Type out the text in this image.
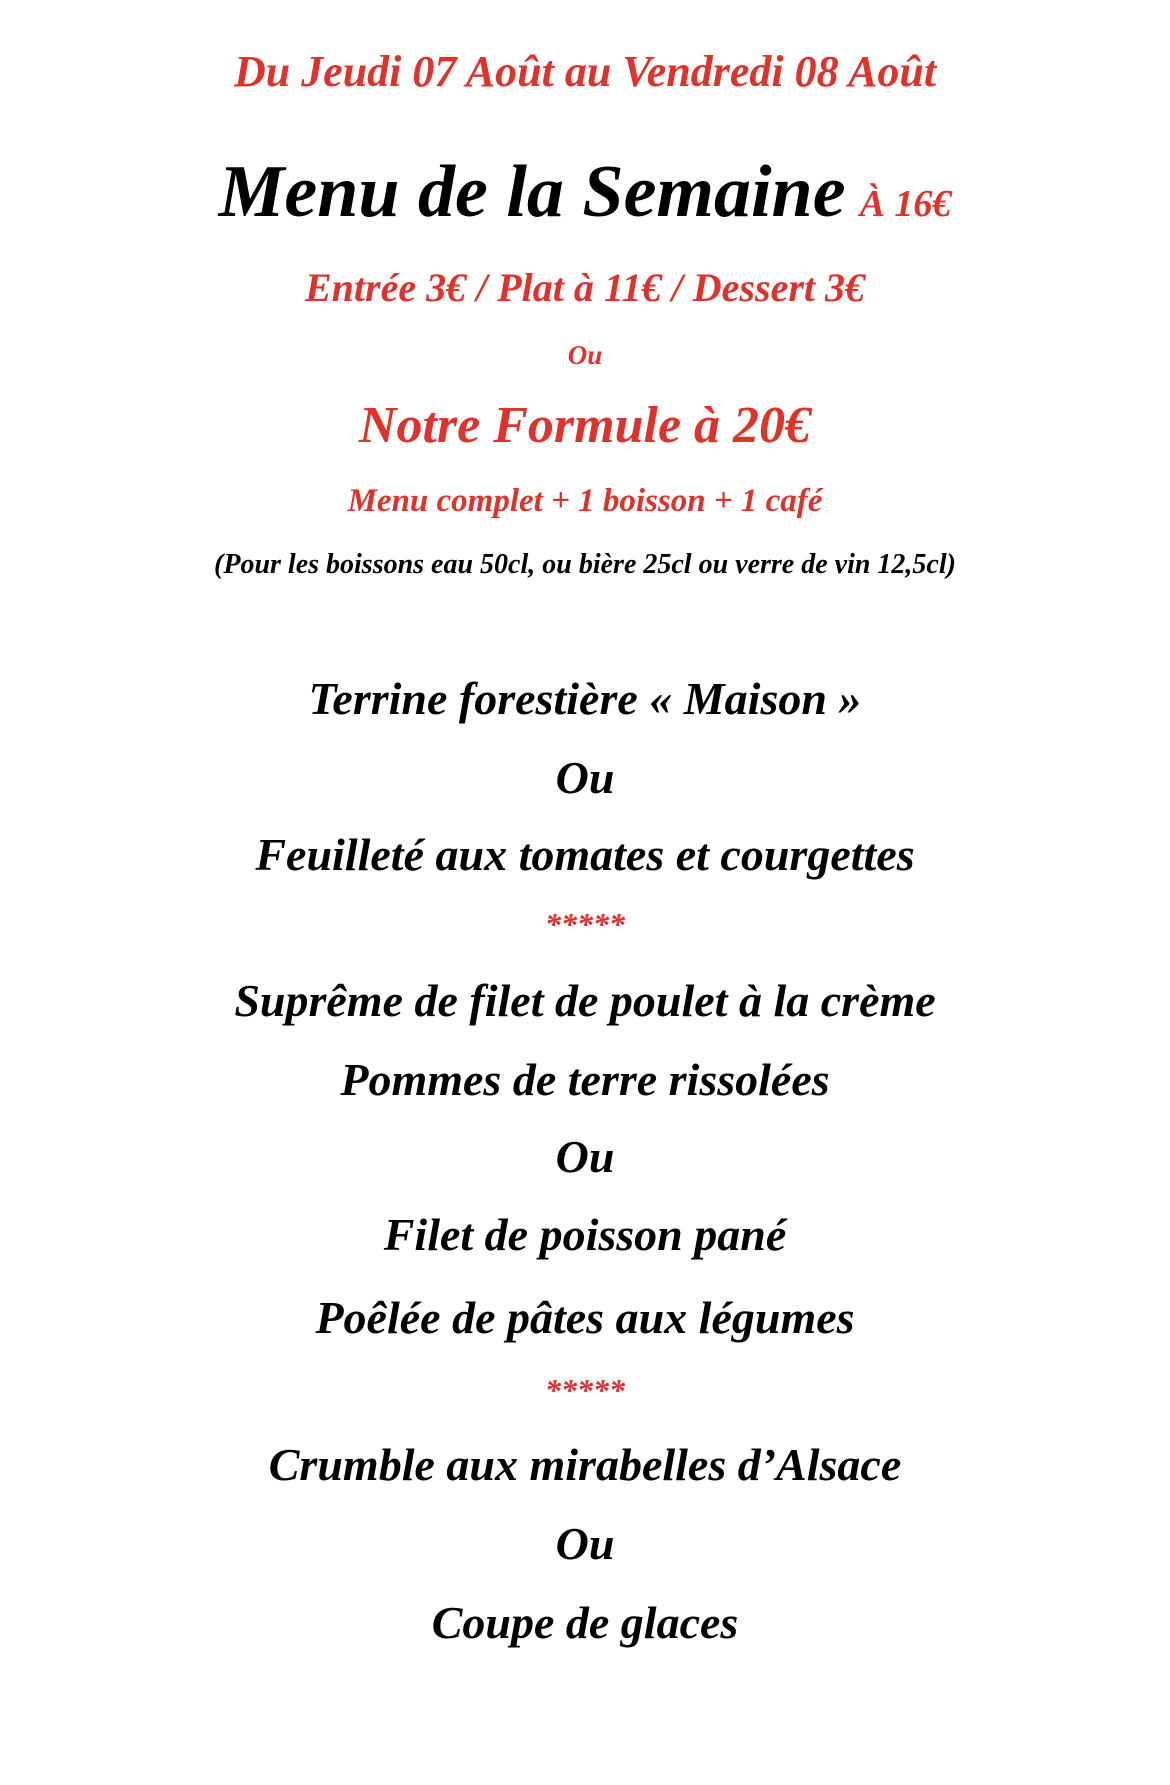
Du Jeudi 07 Août au Vendredi 08 Août
Menu de la Semaine À 16€
Entrée 3€ / Plat à 11€ / Dessert 3€
Ou
Notre Formule à 20€
Menu complet + 1 boisson + 1 café
(Pour les boissons eau 50cl, ou bière 25cl ou verre de vin 12,5cl)
Terrine forestière « Maison »
Ou
Feuilleté aux tomates et courgettes
*****
Suprême de filet de poulet à la crème
Pommes de terre rissolées
Ou
Filet de poisson pané
Poêlée de pâtes aux légumes
*****
Crumble aux mirabelles d’Alsace
Ou
Coupe de glaces
